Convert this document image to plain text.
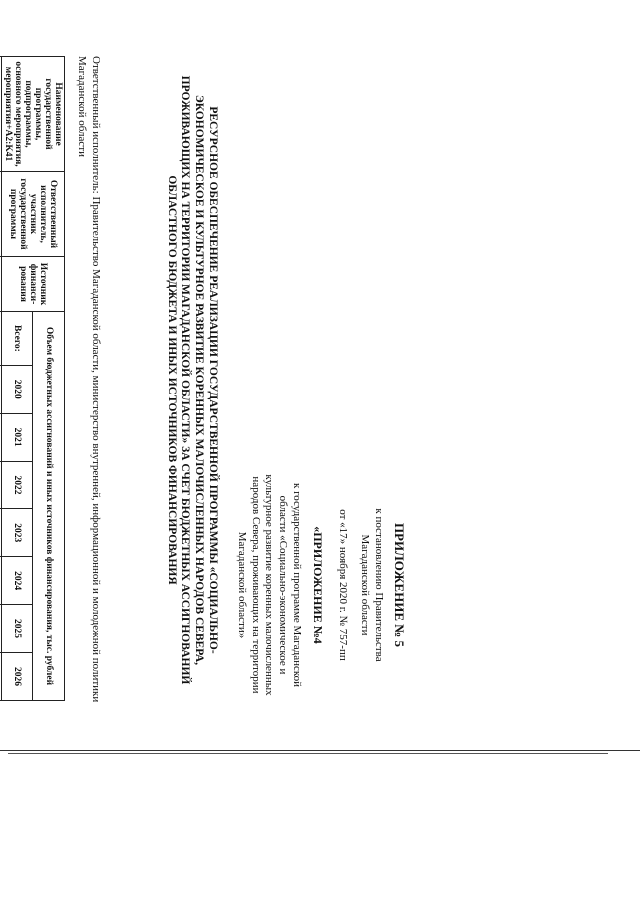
ПРИЛОЖЕНИЕ № 5
к постановлению Правительства
Магаданской области
от «17» ноября 2020 г. № 757-пп
«ПРИЛОЖЕНИЕ №4
к государственной программе Магаданской области «Социально-экономическое и культурное развитие коренных малочисленных народов Севера, проживающих на территории Магаданской области»
РЕСУРСНОЕ ОБЕСПЕЧЕНИЕ РЕАЛИЗАЦИИ ГОСУДАРСТВЕННОЙ ПРОГРАММЫ «СОЦИАЛЬНО-ЭКОНОМИЧЕСКОЕ И КУЛЬТУРНОЕ РАЗВИТИЕ КОРЕННЫХ МАЛОЧИСЛЕННЫХ НАРОДОВ СЕВЕРА, ПРОЖИВАЮЩИХ НА ТЕРРИТОРИИ МАГАДАНСКОЙ ОБЛАСТИ» ЗА СЧЕТ БЮДЖЕТНЫХ АССИГНОВАНИЙ ОБЛАСТНОГО БЮДЖЕТА И ИНЫХ ИСТОЧНИКОВ ФИНАНСИРОВАНИЯ
Ответственный исполнитель: Правительство Магаданской области, министерство внутренней, информационной и молодежной политики Магаданской области
Наименование государственной программы, подпрограммы, основного мероприятия, мероприятия+A2:K41	Ответственный исполнитель, участник государственной программы	Источник финанси-рования	Объем бюджетных ассигнований и иных источников финансирования, тыс. рублей							
			Всего:	2020	2021	2022	2023	2024	2025	2026
